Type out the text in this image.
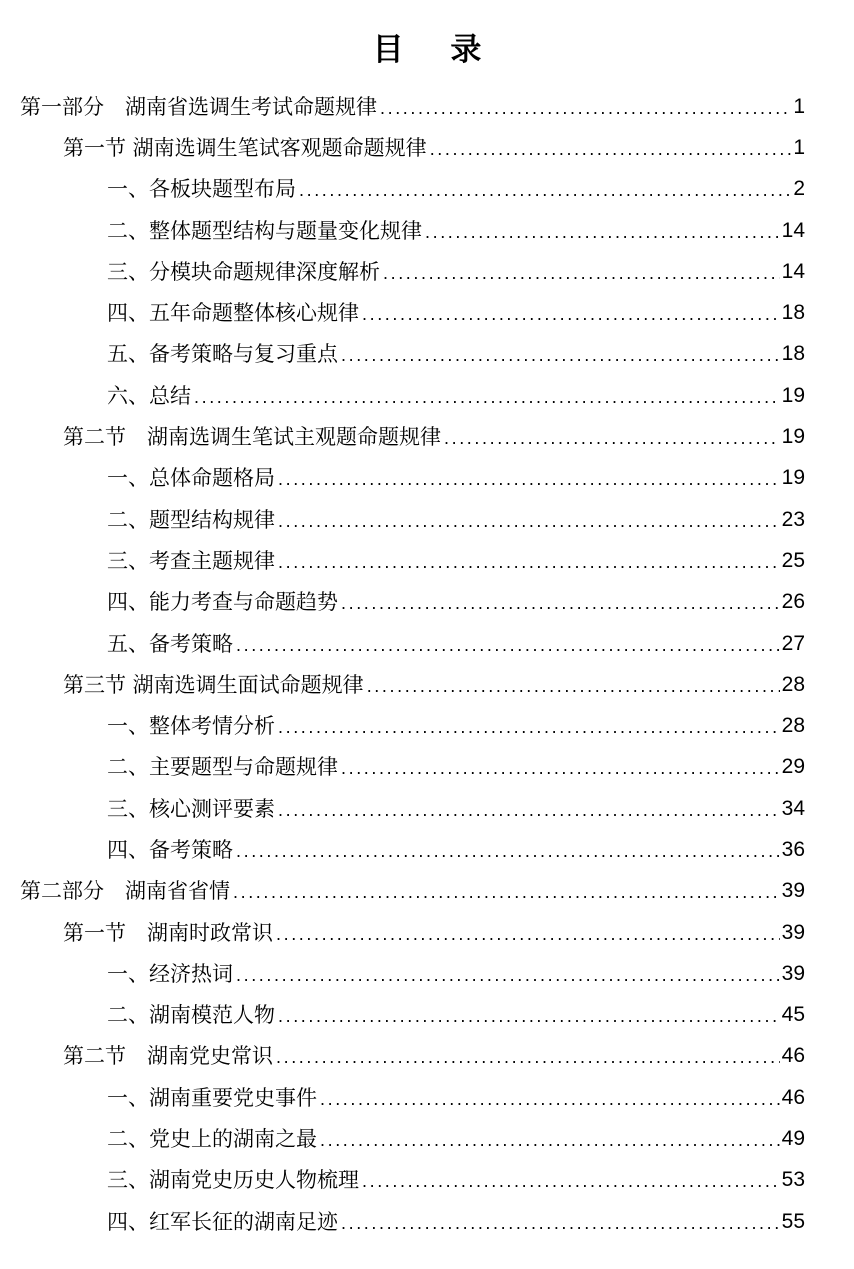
目 录
第一部分　湖南省选调生考试命题规律 .....	1
第一节 湖南选调生笔试客观题命题规律 .....	1
一、各板块题型布局 .....	2
二、整体题型结构与题量变化规律 .....	14
三、分模块命题规律深度解析 .....	14
四、五年命题整体核心规律 .....	18
五、备考策略与复习重点 .....	18
六、总结 .....	19
第二节　湖南选调生笔试主观题命题规律 .....	19
一、总体命题格局 .....	19
二、题型结构规律 .....	23
三、考查主题规律 .....	25
四、能力考查与命题趋势 .....	26
五、备考策略 .....	27
第三节 湖南选调生面试命题规律 .....	28
一、整体考情分析 .....	28
二、主要题型与命题规律 .....	29
三、核心测评要素 .....	34
四、备考策略 .....	36
第二部分　湖南省省情 .....	39
第一节　湖南时政常识 .....	39
一、经济热词 .....	39
二、湖南模范人物 .....	45
第二节　湖南党史常识 .....	46
一、湖南重要党史事件 .....	46
二、党史上的湖南之最 .....	49
三、湖南党史历史人物梳理 .....	53
四、红军长征的湖南足迹 .....	55
